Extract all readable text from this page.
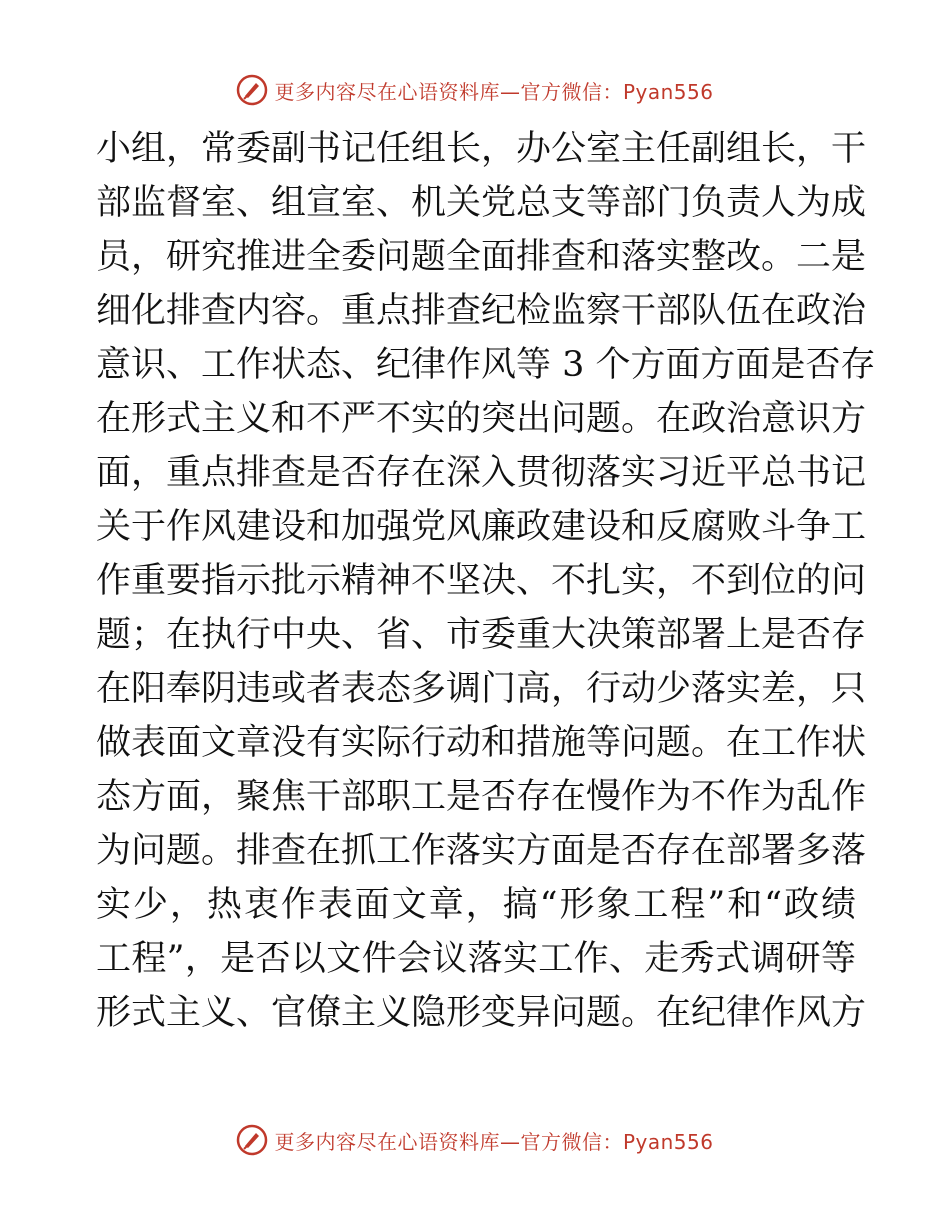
更多内容尽在心语资料库—官方微信：Pyan556
小组，常委副书记任组长，办公室主任副组长，干
部监督室、组宣室、机关党总支等部门负责人为成
员，研究推进全委问题全面排查和落实整改。二是
细化排查内容。重点排查纪检监察干部队伍在政治
意识、工作状态、纪律作风等 3 个方面方面是否存
在形式主义和不严不实的突出问题。在政治意识方
面，重点排查是否存在深入贯彻落实习近平总书记
关于作风建设和加强党风廉政建设和反腐败斗争工
作重要指示批示精神不坚决、不扎实，不到位的问
题；在执行中央、省、市委重大决策部署上是否存
在阳奉阴违或者表态多调门高，行动少落实差，只
做表面文章没有实际行动和措施等问题。在工作状
态方面，聚焦干部职工是否存在慢作为不作为乱作
为问题。排查在抓工作落实方面是否存在部署多落
实少，热衷作表面文章，搞“形象工程”和“政绩
工程”，是否以文件会议落实工作、走秀式调研等
形式主义、官僚主义隐形变异问题。在纪律作风方
更多内容尽在心语资料库—官方微信：Pyan556
